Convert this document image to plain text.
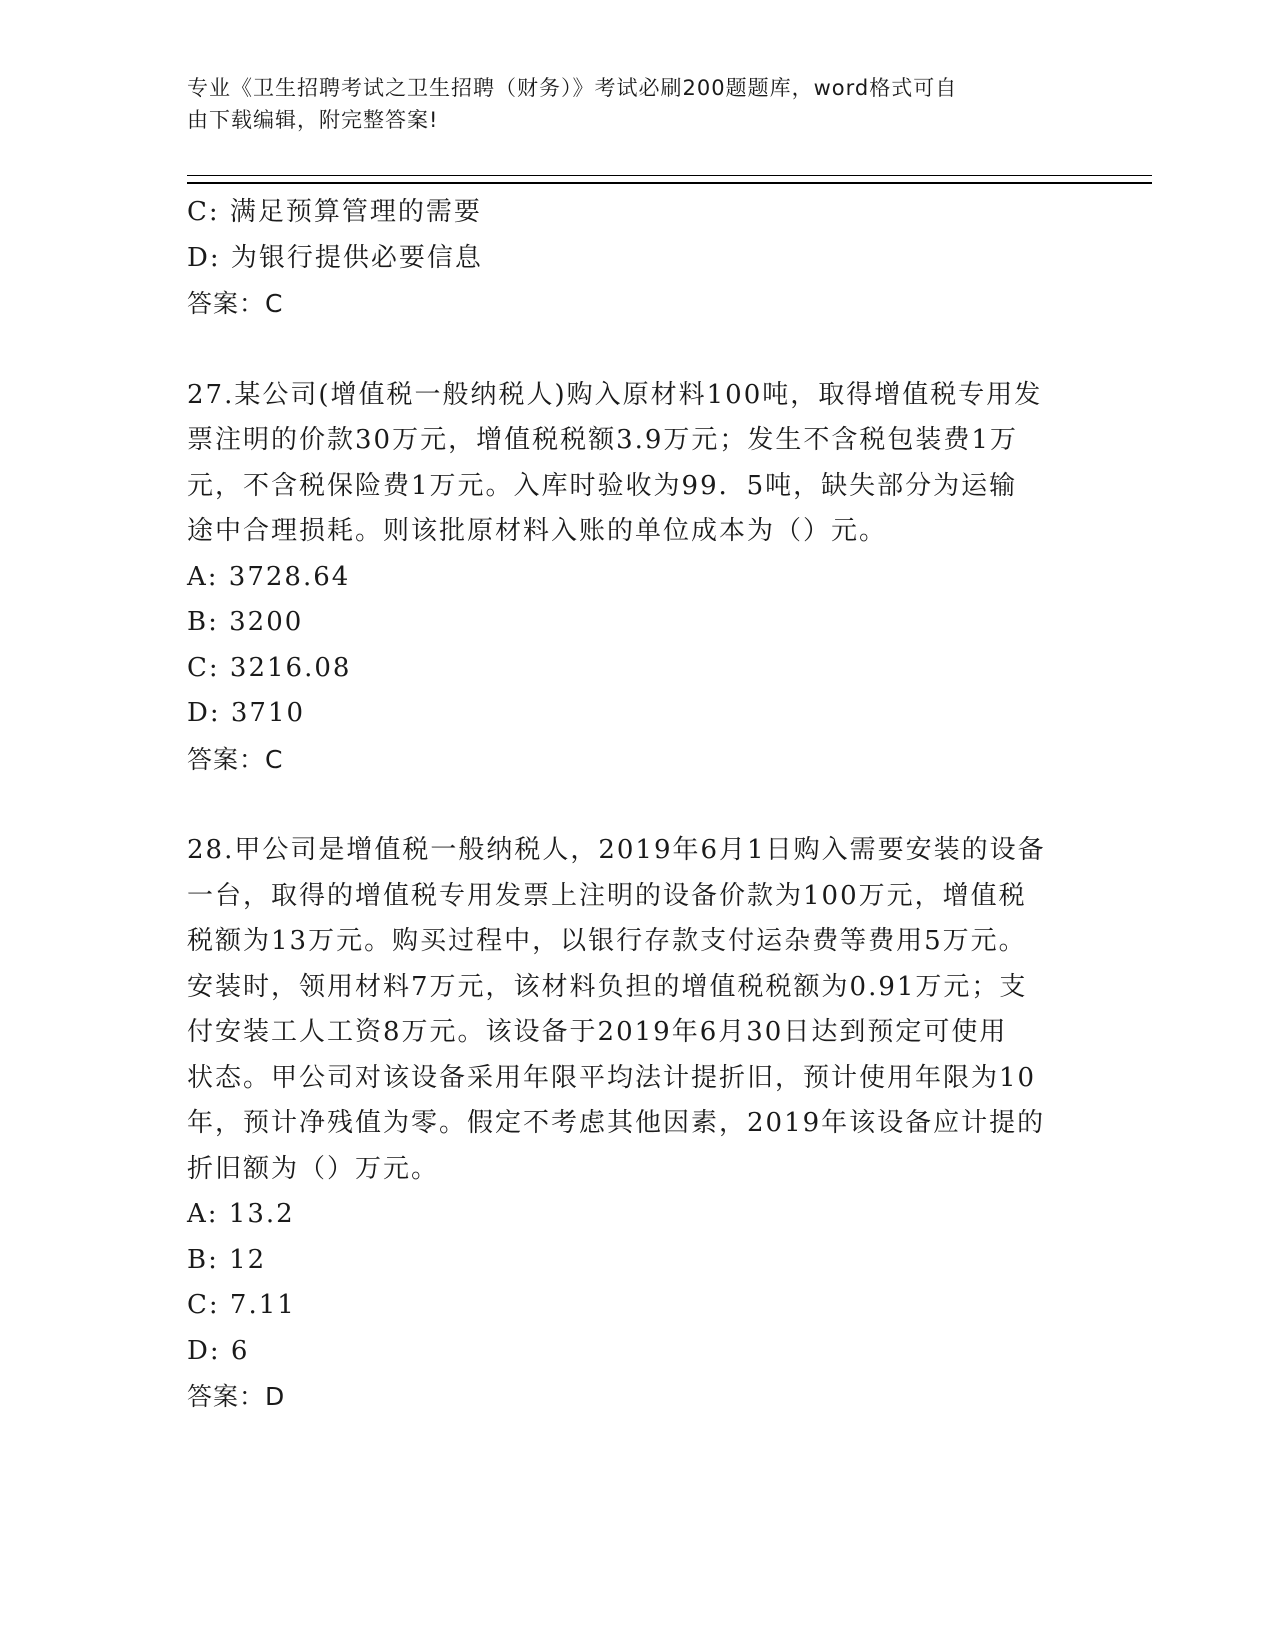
专业《卫生招聘考试之卫生招聘（财务）》考试必刷200题题库，word格式可自
由下载编辑，附完整答案!
C: 满足预算管理的需要
D: 为银行提供必要信息
答案：C
27.某公司(增值税一般纳税人)购入原材料100吨，取得增值税专用发
票注明的价款30万元，增值税税额3.9万元；发生不含税包装费1万
元，不含税保险费1万元。入库时验收为99．5吨，缺失部分为运输
途中合理损耗。则该批原材料入账的单位成本为（）元。
A: 3728.64
B: 3200
C: 3216.08
D: 3710
答案：C
28.甲公司是增值税一般纳税人，2019年6月1日购入需要安装的设备
一台，取得的增值税专用发票上注明的设备价款为100万元，增值税
税额为13万元。购买过程中，以银行存款支付运杂费等费用5万元。
安装时，领用材料7万元，该材料负担的增值税税额为0.91万元；支
付安装工人工资8万元。该设备于2019年6月30日达到预定可使用
状态。甲公司对该设备采用年限平均法计提折旧，预计使用年限为10
年，预计净残值为零。假定不考虑其他因素，2019年该设备应计提的
折旧额为（）万元。
A: 13.2
B: 12
C: 7.11
D: 6
答案：D
